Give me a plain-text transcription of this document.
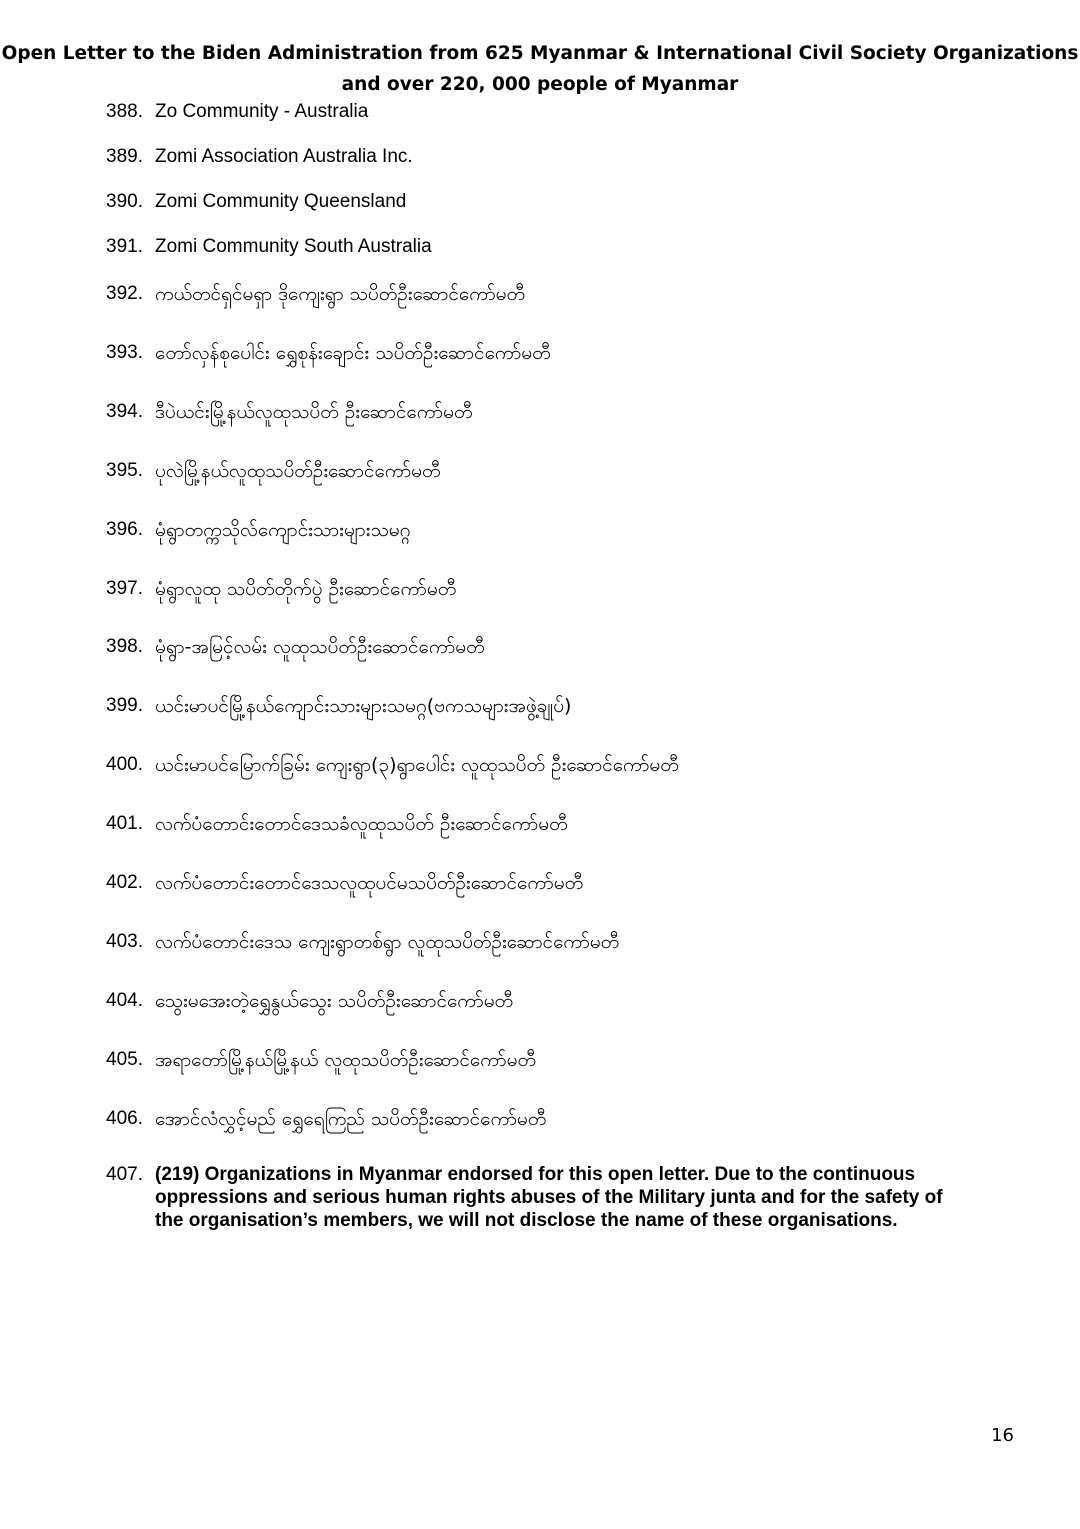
Open Letter to the Biden Administration from 625 Myanmar & International Civil Society Organizations
and over 220, 000 people of Myanmar
388. Zo Community - Australia
389. Zomi Association Australia Inc.
390. Zomi Community Queensland
391. Zomi Community South Australia
392. ကယ်တင်ရှင်မရှာ ဒိုကျေးရွာ သပိတ်ဦးဆောင်ကော်မတီ
393. တော်လှန်စုပေါင်း ရွှေစုန်းချောင်း သပိတ်ဦးဆောင်ကော်မတီ
394. ဒီပဲယင်းမြို့နယ်လူထုသပိတ် ဦးဆောင်ကော်မတီ
395. ပုလဲမြို့နယ်လူထုသပိတ်ဦးဆောင်ကော်မတီ
396. မုံရွာတက္ကသိုလ်ကျောင်းသားများသမဂ္ဂ
397. မုံရွာလူထု သပိတ်တိုက်ပွဲ ဦးဆောင်ကော်မတီ
398. မုံရွာ-အမြင့်လမ်း လူထုသပိတ်ဦးဆောင်ကော်မတီ
399. ယင်းမာပင်မြို့နယ်ကျောင်းသားများသမဂ္ဂ(ဗကသများအဖွဲ့ချုပ်)
400. ယင်းမာပင်မြောက်ခြမ်း ကျေးရွာ(၃)ရွာပေါင်း လူထုသပိတ် ဦးဆောင်ကော်မတီ
401. လက်ပံတောင်းတောင်ဒေသခံလူထုသပိတ် ဦးဆောင်ကော်မတီ
402. လက်ပံတောင်းတောင်ဒေသလူထုပင်မသပိတ်ဦးဆောင်ကော်မတီ
403. လက်ပံတောင်းဒေသ ကျေးရွာတစ်ရွာ လူထုသပိတ်ဦးဆောင်ကော်မတီ
404. သွေးမအေးတဲ့ရွှေနွယ်သွေး သပိတ်ဦးဆောင်ကော်မတီ
405. အရာတော်မြို့နယ်မြို့နယ် လူထုသပိတ်ဦးဆောင်ကော်မတီ
406. အောင်လံလွှင့်မည် ရွှေရေကြည် သပိတ်ဦးဆောင်ကော်မတီ
407. (219) Organizations in Myanmar endorsed for this open letter. Due to the continuous
oppressions and serious human rights abuses of the Military junta and for the safety of
the organisation’s members, we will not disclose the name of these organisations.
16
